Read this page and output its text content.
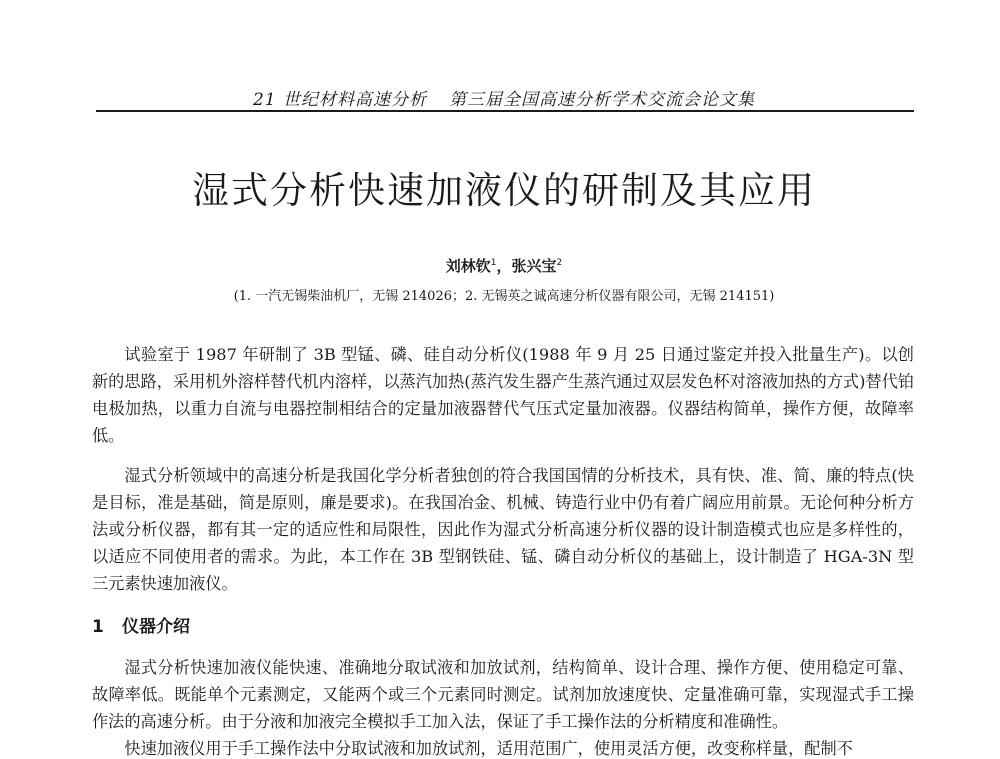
21 世纪材料高速分析 第三届全国高速分析学术交流会论文集
湿式分析快速加液仪的研制及其应用
刘林钦$^1$，张兴宝$^2$
(1. 一汽无锡柴油机厂，无锡 214026；2. 无锡英之诚高速分析仪器有限公司，无锡 214151)

试验室于 1987 年研制了 3B 型锰、磷、硅自动分析仪(1988 年 9 月 25 日通过鉴定并投入批量生产)。以创新的思路，采用机外溶样替代机内溶样，以蒸汽加热(蒸汽发生器产生蒸汽通过双层发色杯对溶液加热的方式)替代铂电极加热，以重力自流与电器控制相结合的定量加液器替代气压式定量加液器。仪器结构简单，操作方便，故障率低。

湿式分析领域中的高速分析是我国化学分析者独创的符合我国国情的分析技术，具有快、准、简、廉的特点(快是目标，准是基础，简是原则，廉是要求)。在我国冶金、机械、铸造行业中仍有着广阔应用前景。无论何种分析方法或分析仪器，都有其一定的适应性和局限性，因此作为湿式分析高速分析仪器的设计制造模式也应是多样性的，以适应不同使用者的需求。为此，本工作在 3B 型钢铁硅、锰、磷自动分析仪的基础上，设计制造了 HGA-3N 型三元素快速加液仪。

1 仪器介绍

湿式分析快速加液仪能快速、准确地分取试液和加放试剂，结构简单、设计合理、操作方便、使用稳定可靠、故障率低。既能单个元素测定，又能两个或三个元素同时测定。试剂加放速度快、定量准确可靠，实现湿式手工操作法的高速分析。由于分液和加液完全模拟手工加入法，保证了手工操作法的分析精度和准确性。

快速加液仪用于手工操作法中分取试液和加放试剂，适用范围广，使用灵活方便，改变称样量，配制不
